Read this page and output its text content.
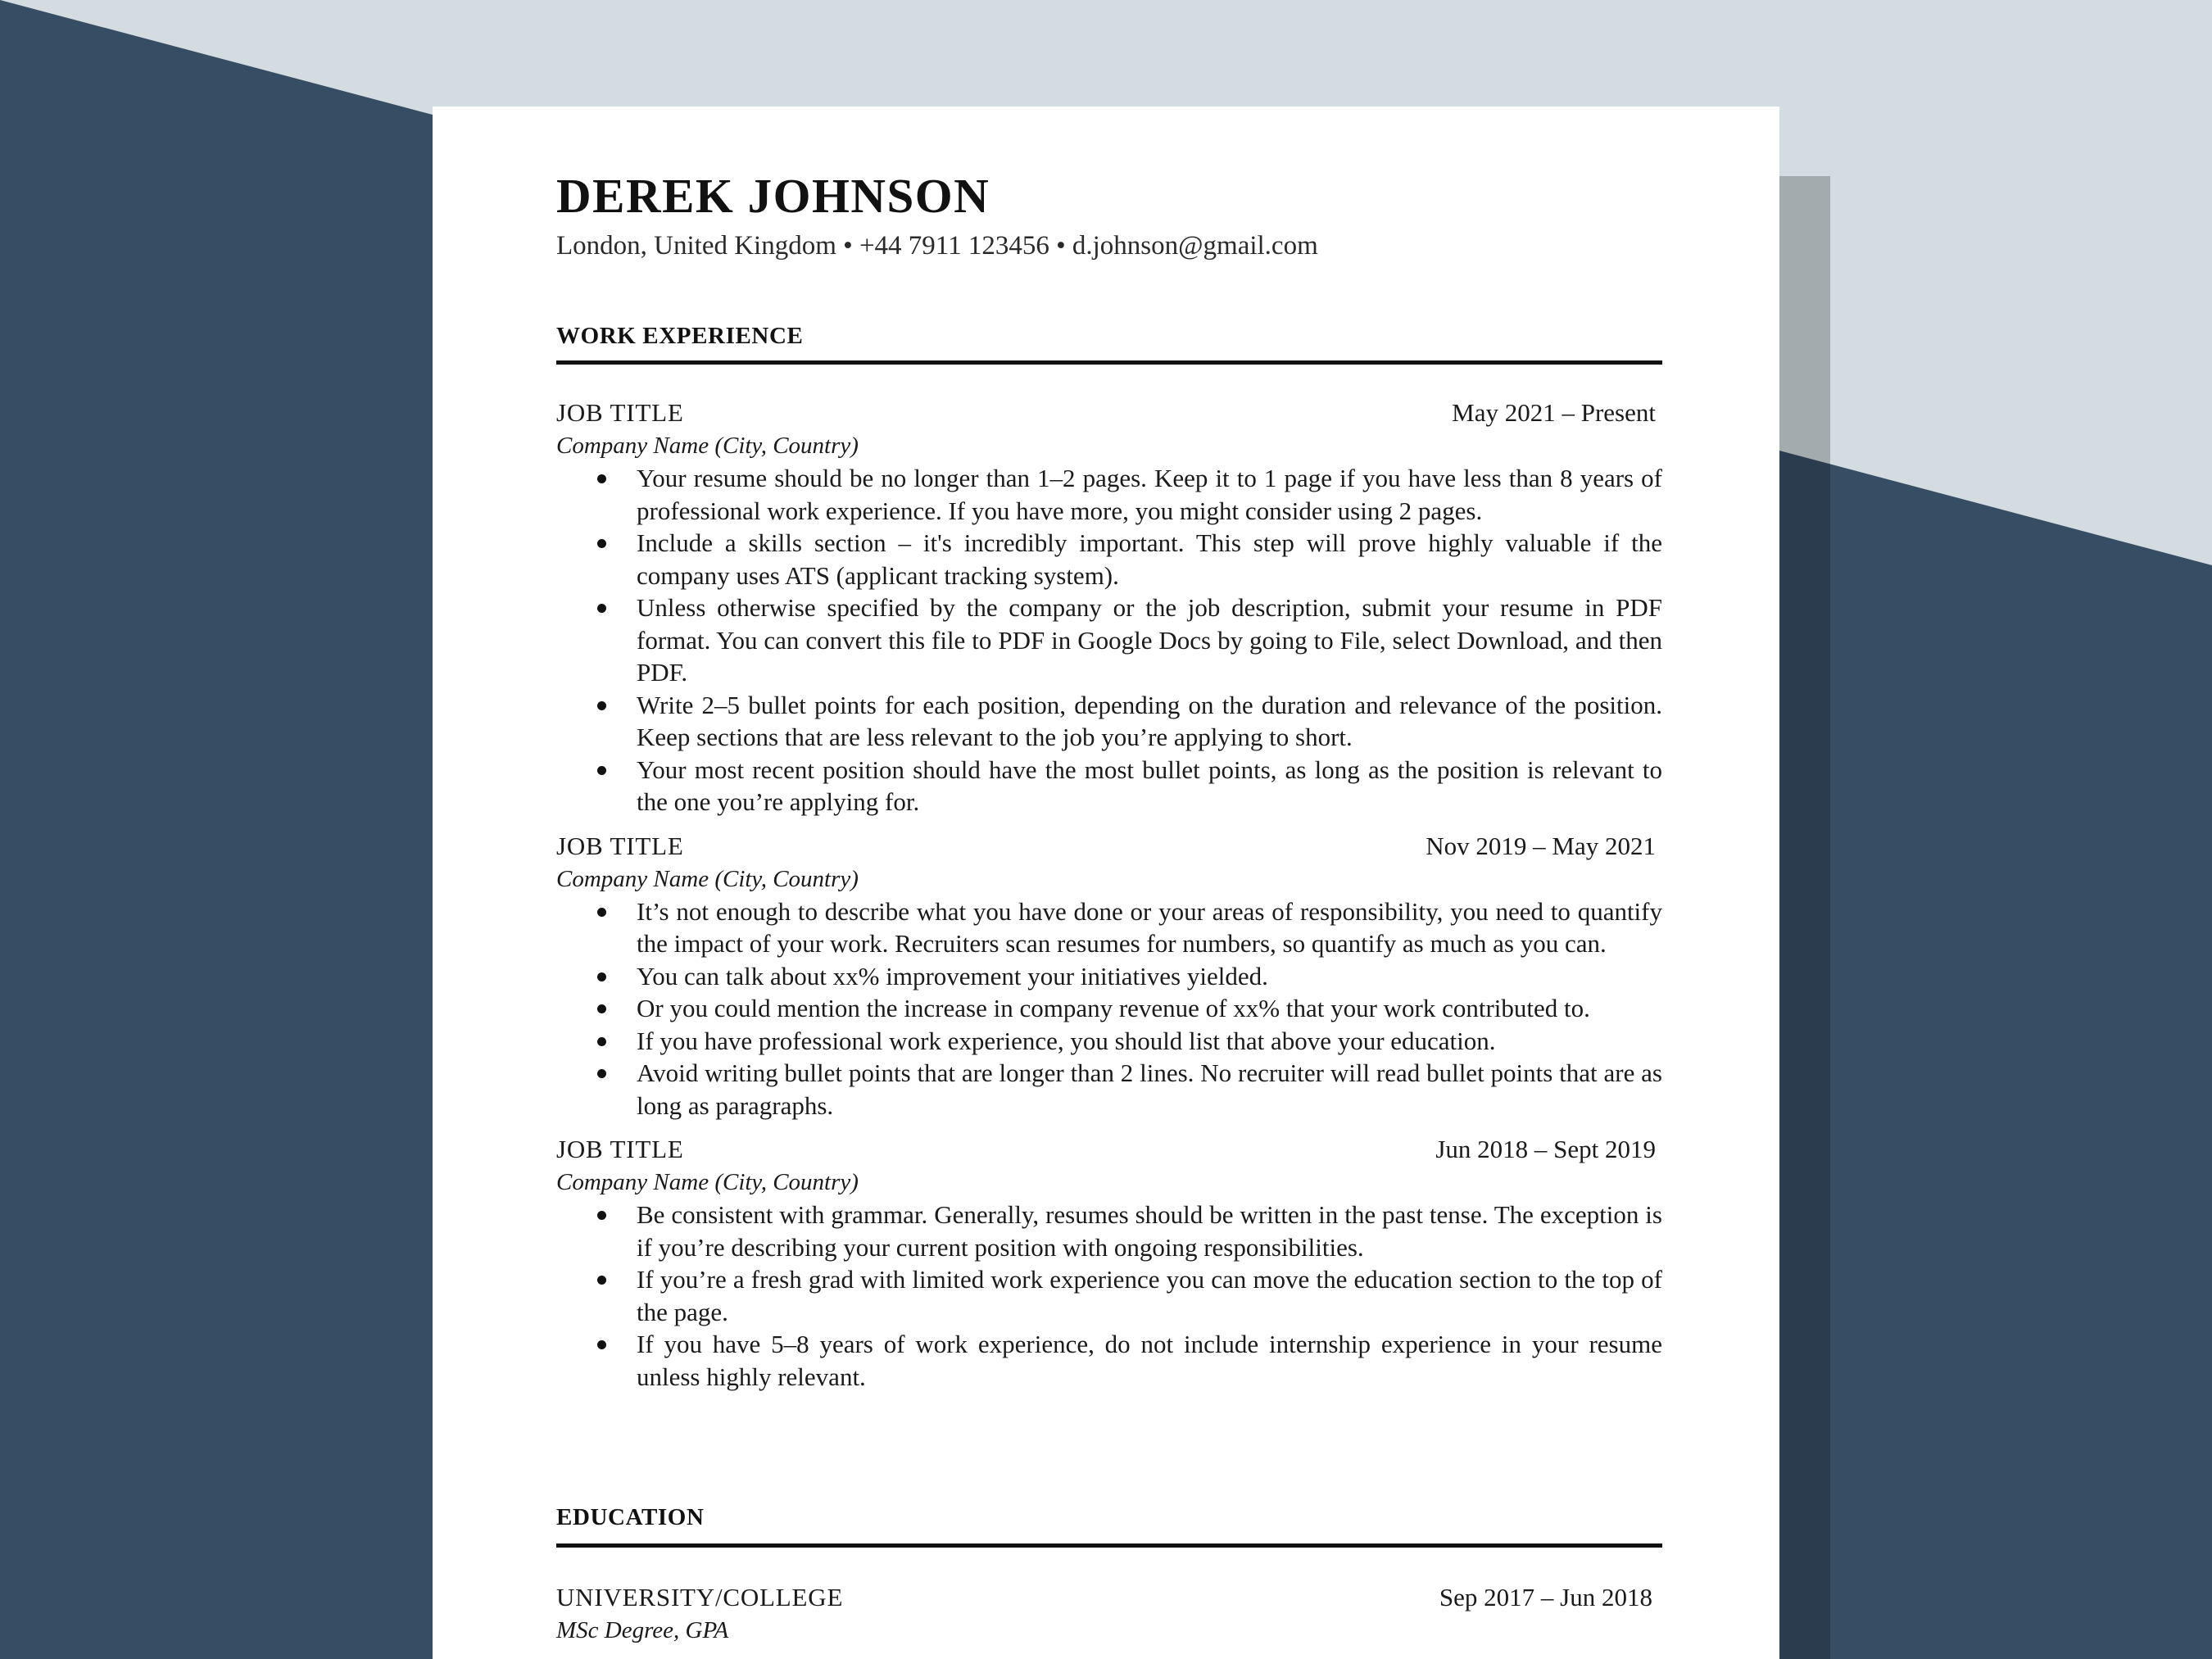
DEREK JOHNSON
London, United Kingdom • +44 7911 123456 • d.johnson@gmail.com
WORK EXPERIENCE
JOB TITLE	May 2021 – Present
Company Name (City, Country)
Your resume should be no longer than 1–2 pages. Keep it to 1 page if you have less than 8 years of professional work experience. If you have more, you might consider using 2 pages.
Include a skills section – it's incredibly important. This step will prove highly valuable if the company uses ATS (applicant tracking system).
Unless otherwise specified by the company or the job description, submit your resume in PDF format. You can convert this file to PDF in Google Docs by going to File, select Download, and then PDF.
Write 2–5 bullet points for each position, depending on the duration and relevance of the position. Keep sections that are less relevant to the job you’re applying to short.
Your most recent position should have the most bullet points, as long as the position is relevant to the one you’re applying for.
JOB TITLE	Nov 2019 – May 2021
Company Name (City, Country)
It’s not enough to describe what you have done or your areas of responsibility, you need to quantify the impact of your work. Recruiters scan resumes for numbers, so quantify as much as you can.
You can talk about xx% improvement your initiatives yielded.
Or you could mention the increase in company revenue of xx% that your work contributed to.
If you have professional work experience, you should list that above your education.
Avoid writing bullet points that are longer than 2 lines. No recruiter will read bullet points that are as long as paragraphs.
JOB TITLE	Jun 2018 – Sept 2019
Company Name (City, Country)
Be consistent with grammar. Generally, resumes should be written in the past tense. The exception is if you’re describing your current position with ongoing responsibilities.
If you’re a fresh grad with limited work experience you can move the education section to the top of the page.
If you have 5–8 years of work experience, do not include internship experience in your resume unless highly relevant.
EDUCATION
UNIVERSITY/COLLEGE	Sep 2017 – Jun 2018
MSc Degree, GPA
